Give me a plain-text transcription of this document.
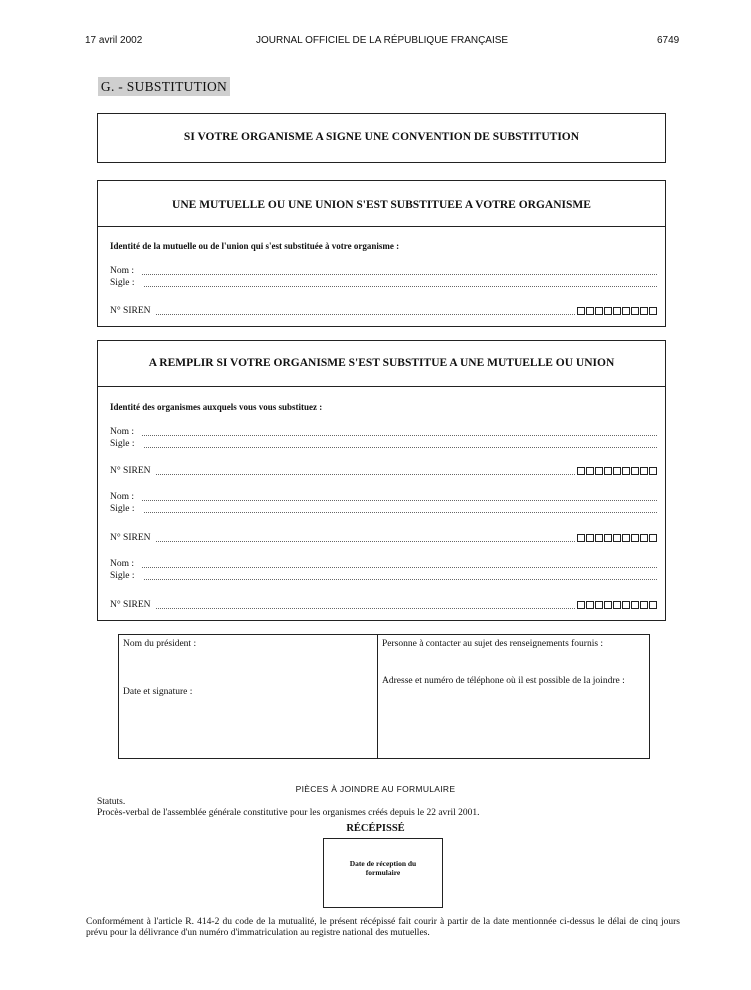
17 avril 2002	JOURNAL OFFICIEL DE LA RÉPUBLIQUE FRANÇAISE	6749
G. - SUBSTITUTION
SI VOTRE ORGANISME A SIGNE UNE CONVENTION DE SUBSTITUTION
UNE MUTUELLE OU UNE UNION S'EST SUBSTITUEE A VOTRE ORGANISME
Identité de la mutuelle ou de l'union qui s'est substituée à votre organisme :
Nom :
Sigle :
N° SIREN
A REMPLIR SI VOTRE ORGANISME S'EST SUBSTITUE A UNE MUTUELLE OU UNION
Identité des organismes auxquels vous vous substituez :
Nom :
Sigle :
N° SIREN
Nom :
Sigle :
N° SIREN
Nom :
Sigle :
N° SIREN
Nom du président :
Date et signature :
Personne à contacter au sujet des renseignements fournis :
Adresse et numéro de téléphone où il est possible de la joindre :
PIÈCES À JOINDRE AU FORMULAIRE
Statuts.
Procès-verbal de l'assemblée générale constitutive pour les organismes créés depuis le 22 avril 2001.
RÉCÉPISSÉ
Date de réception du formulaire
Conformément à l'article R. 414-2 du code de la mutualité, le présent récépissé fait courir à partir de la date mentionnée ci-dessus le délai de cinq jours prévu pour la délivrance d'un numéro d'immatriculation au registre national des mutuelles.
